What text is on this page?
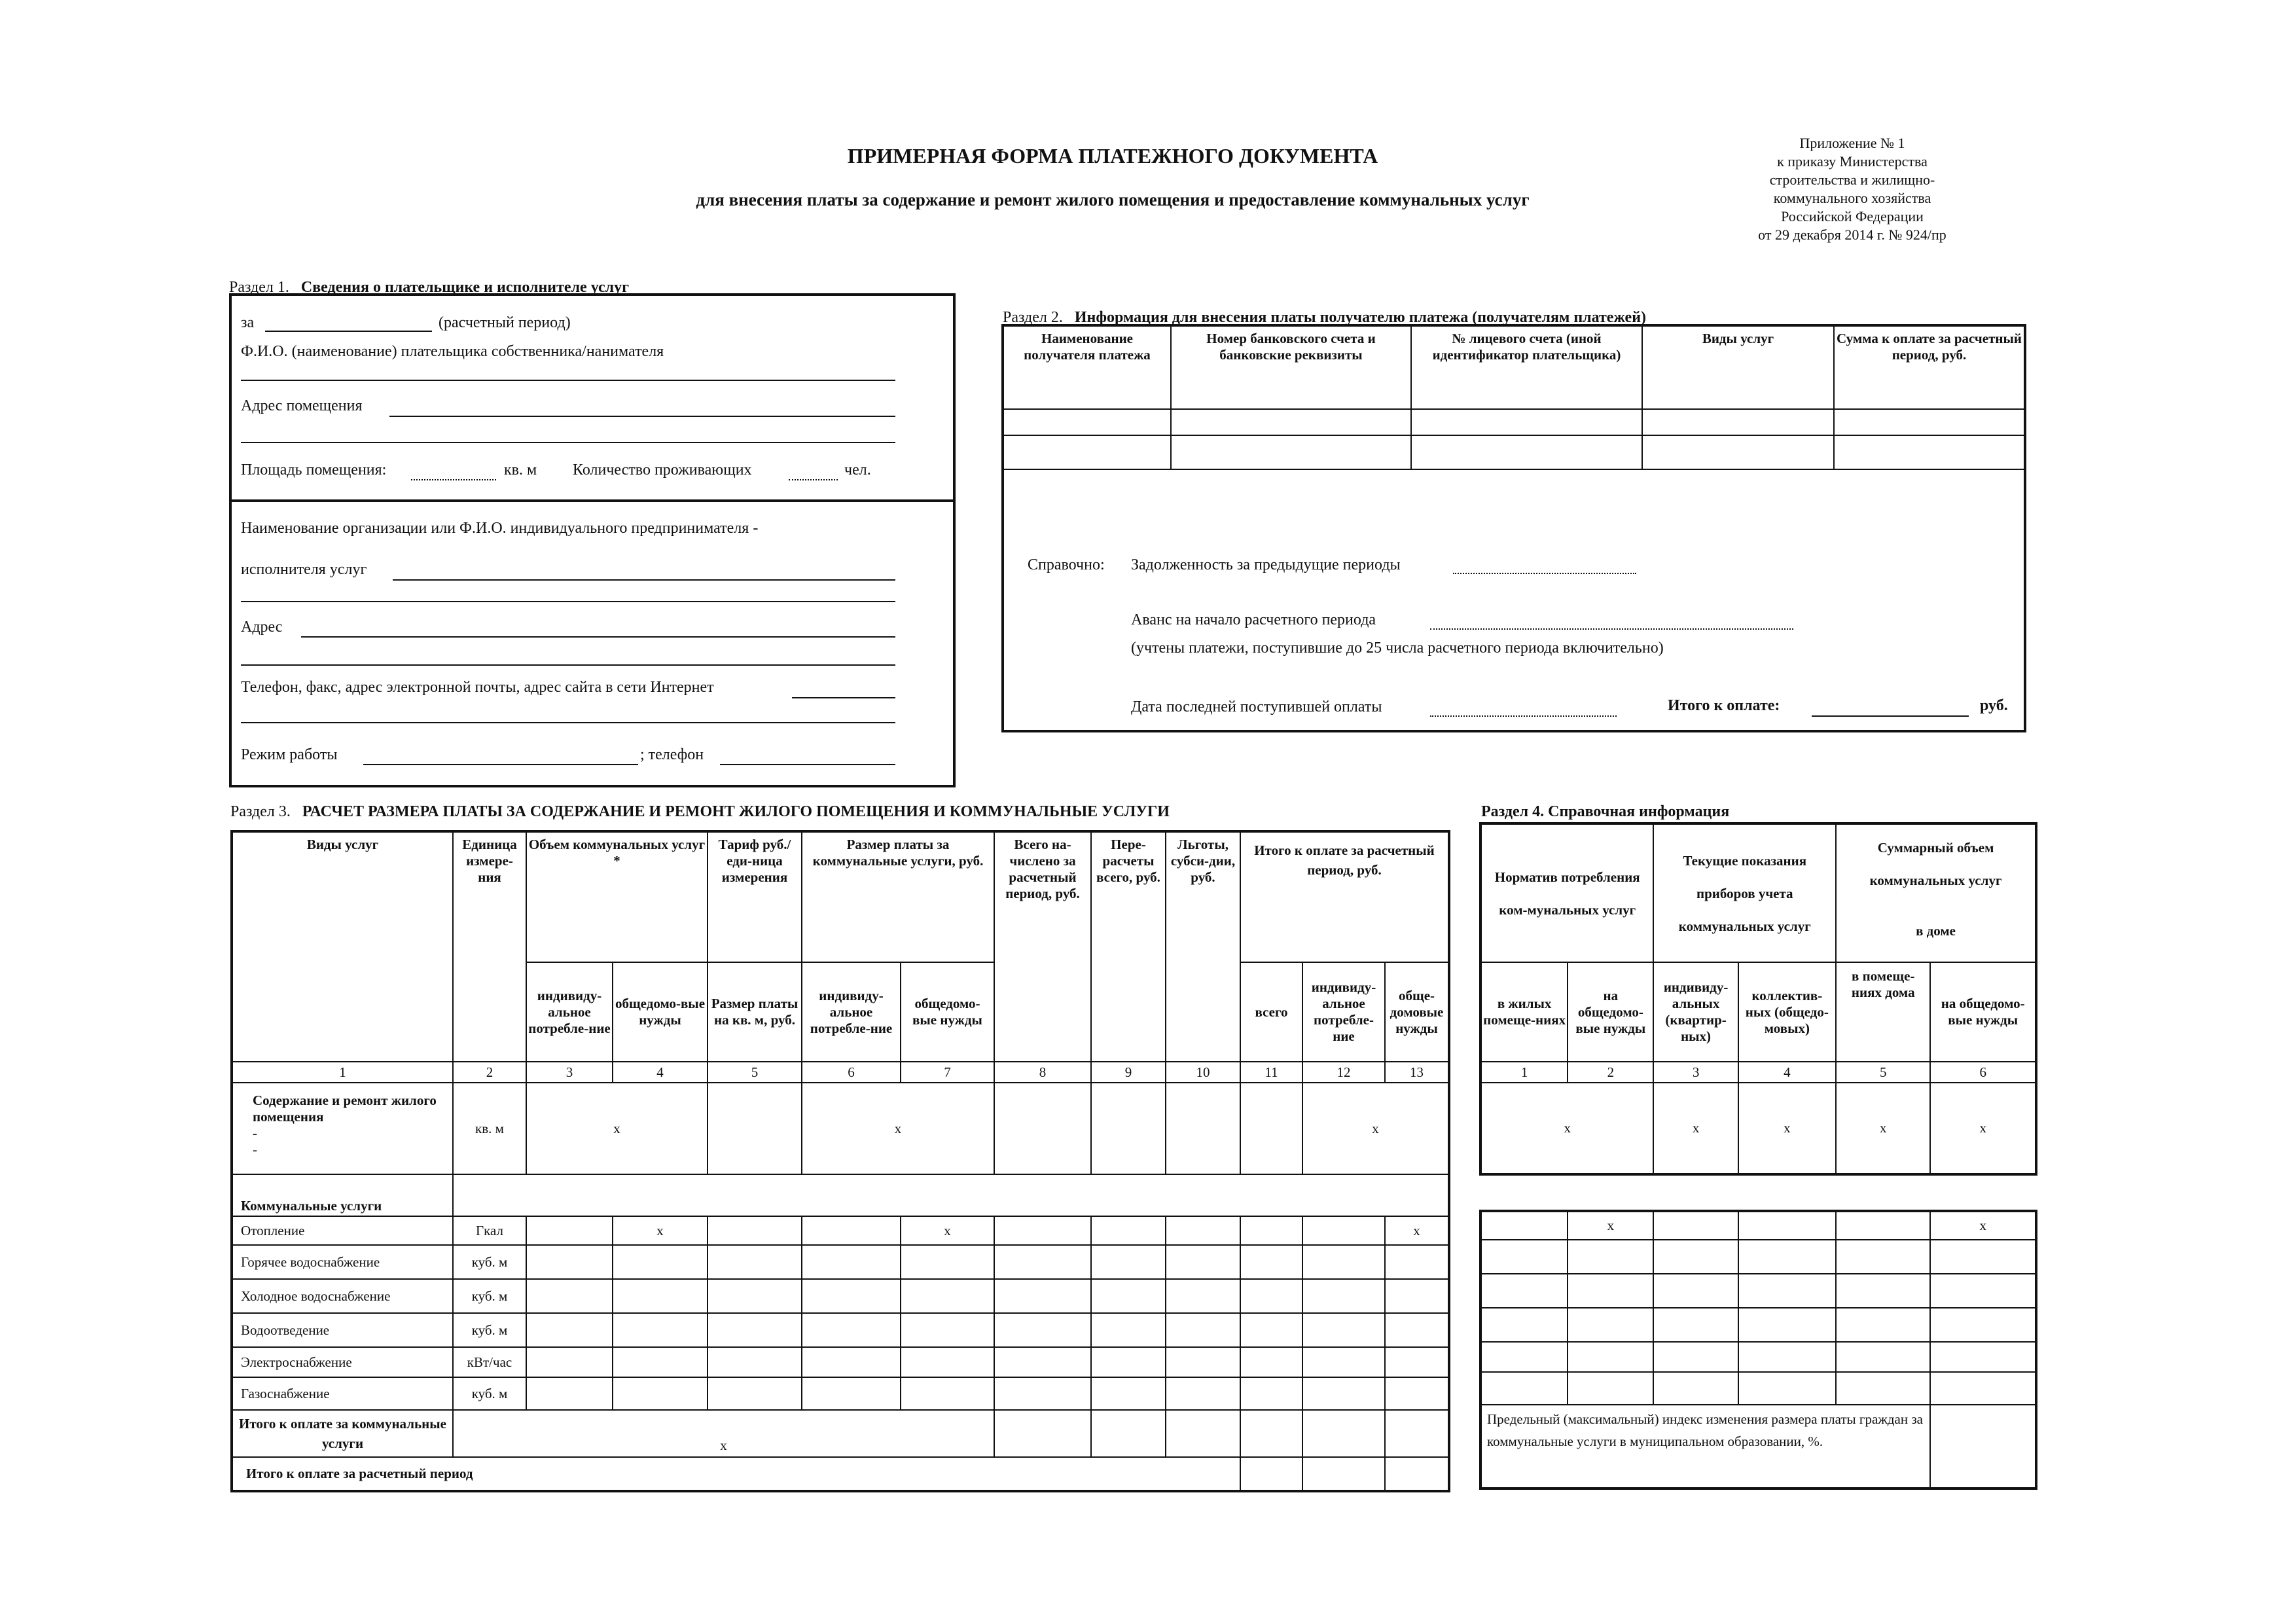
ПРИМЕРНАЯ ФОРМА ПЛАТЕЖНОГО ДОКУМЕНТА
для внесения платы за содержание и ремонт жилого помещения и предоставление коммунальных услуг
Приложение № 1
к приказу Министерства
строительства и жилищно-
коммунального хозяйства
Российской Федерации
от 29 декабря 2014 г. № 924/пр
Раздел 1. Сведения о плательщике и исполнителе услуг
за	(расчетный период)
Ф.И.О. (наименование) плательщика собственника/нанимателя
Адрес помещения
Площадь помещения:	кв. м Количество проживающих	чел.
Наименование организации или Ф.И.О. индивидуального предпринимателя -
исполнителя услуг
Адрес
Телефон, факс, адрес электронной почты, адрес сайта в сети Интернет
Режим работы	; телефон
Раздел 2. Информация для внесения платы получателю платежа (получателям платежей)
Наименование получателя платежа	Номер банковского счета и банковские реквизиты	№ лицевого счета (иной идентификатор плательщика)	Виды услуг	Сумма к оплате за расчетный период, руб.

Справочно: Задолженность за предыдущие периоды
Аванс на начало расчетного периода
(учтены платежи, поступившие до 25 числа расчетного периода включительно)
Дата последней поступившей оплаты	Итого к оплате:	руб.
Раздел 3. РАСЧЕТ РАЗМЕРА ПЛАТЫ ЗА СОДЕРЖАНИЕ И РЕМОНТ ЖИЛОГО ПОМЕЩЕНИЯ И КОММУНАЛЬНЫЕ УСЛУГИ
Виды услуг	Единица измере-ния	Объем коммунальных услуг *		Тариф руб./еди-ница измерения	Размер платы за коммунальные услуги, руб.		Всего на-числено за расчетный период, руб.	Пере-расчеты всего, руб.	Льготы, субси-дии, руб.	Итого к оплате за расчетный период, руб.		

		индивиду-альное потребле-ние	общедомо-вые нужды	Размер платы на кв. м, руб.	индивиду-альное потребле-ние	общедомо-вые нужды				всего	индивиду-альное потребле-ние	обще-домовые нужды
1	2	3	4	5	6	7	8	9	10	11	12	13
Содержание и ремонт жилого помещения
-
-	кв. м	x			x						x	
Коммунальные услуги												
Отопление	Гкал		x			x						x
Горячее водоснабжение	куб. м											
Холодное водоснабжение	куб. м											
Водоотведение	куб. м											
Электроснабжение	кВт/час											
Газоснабжение	куб. м											
Итого к оплате за коммунальные услуги	x											
Итого к оплате за расчетный период												
Раздел 4. Справочная информация
Норматив потребления ком-мунальных услуг		Текущие показания приборов учета коммунальных услуг		Суммарный объем коммунальных услуг
в доме	

в жилых помеще-ниях	на общедомо-вые нужды	индивиду-альных (квартир-ных)	коллектив-ных (общедо-мовых)	в помеще-ниях дома	на общедомо-вые нужды
1	2	3	4	5	6
x		x	x	x	x
	x				x

Предельный (максимальный) индекс изменения размера платы граждан за коммунальные услуги в муниципальном образовании, %.					
